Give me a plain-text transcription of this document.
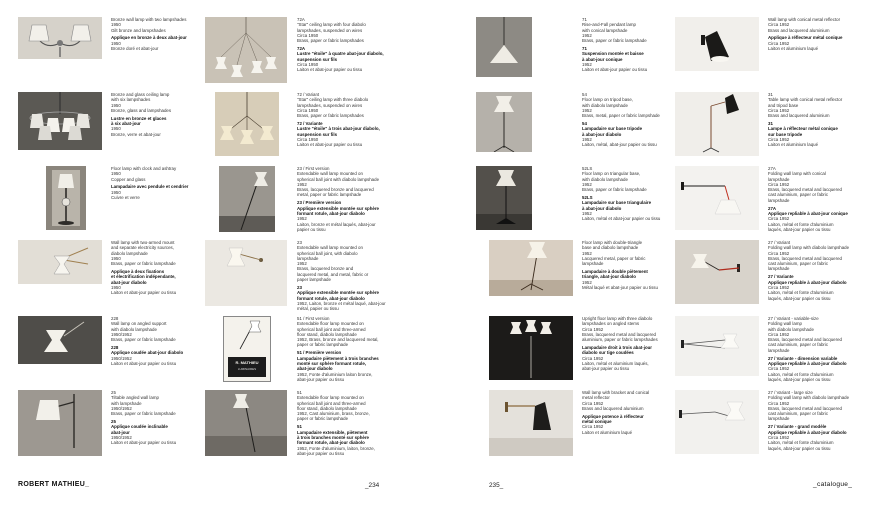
Bronze wall lamp with two lampshades
1950
Gilt bronze and lampshades

Applique en bronze à deux abat-jour
1950
Bronze doré et abat-jour

Bronze and glass ceiling lamp
with six lampshades
1950
Bronze, glass and lampshades

Lustre en bronze et glaces
à six abat-jour
1950
Bronze, verre et abat-jour

Floor lamp with clock and ashtray
1950
Copper and glass

Lampadaire avec pendule et cendrier
1950
Cuivre et verre

Wall lamp with two-armed mount
and separate electricity sources,
diabolo lampshade
1950
Brass, paper or fabric lampshade

Applique à deux fixations
et électrification indépendante,
abat-jour diabolo
1950
Laiton et abat-jour papier ou tissu

228
Wall lamp on angled support
with diabolo lampshade
1950/1952
Brass, paper or fabric lampshade

228
Applique coudée abat-jour diabolo
1950/1952
Laiton et abat-jour papier ou tissu

25
Tiltable angled wall lamp
with lampshade
1950/1952
Brass, paper or fabric lampshade

25
Applique coudée inclinable
abat-jour
1950/1952
Laiton et abat-jour papier ou tissu

72A
"Star" ceiling lamp with four diabolo
lampshades, suspended on wires
Circa 1950
Brass, paper or fabric lampshades

72A
Lustre "étoile" à quatre abat-jour diabolo,
suspension sur fils
Circa 1950
Laiton et abat-jour papier ou tissu

72 / Variant
"Star" ceiling lamp with three diabolo
lampshades, suspended on wires
Circa 1950
Brass, paper or fabric lampshades

72 / Variante
Lustre "étoile" à trois abat-jour diabolo,
suspension sur fils
Circa 1950
Laiton et abat-jour papier ou tissu

23 / First version
Extendable wall lamp mounted on
spherical ball joint with diabolo lampshade
1952
Brass, lacquered bronze and lacquered
metal, paper or fabric lampshade

23 / Première version
Applique extensible montée sur sphère
formant rotule, abat-jour diabolo
1952
Laiton, bronze et métal laqués, abat-jour
papier ou tissu

23
Extendable wall lamp mounted on
spherical ball joint, with diabolo
lampshade
1952
Brass, lacquered bronze and
lacquered metal, and metal, fabric or
paper lampshade

23
Applique extensible montée sur sphère
formant rotule, abat-jour diabolo
1952, Laiton, bronze et métal laqué, abat-jour
métal, papier ou tissu

R. MATHIEU
LUMINAIRES

51 / First version
Extendable floor lamp mounted on
spherical ball joint and three-armed
floor stand, diabolo lampshade
1952, Brass, bronze and lacquered metal,
paper or fabric lampshade

51 / Première version
Lampadaire piètement à trois branches
monté sur sphère formant rotule,
abat-jour diabolo
1952, Fonte d'aluminium laiton bronze,
abat-jour papier ou tissu

51
Extendable floor lamp mounted on
spherical ball joint and three-armed
floor stand, diabolo lampshade
1952, Cast aluminium, brass, bronze,
paper or fabric lampshade

51
Lampadaire extensible, piètement
à trois branches monté sur sphère
formant rotule, abat-jour diabolo
1952, Fonte d'aluminium, laiton, bronze,
abat-jour papier ou tissu

ROBERT MATHIEU_	_234

71
Rise-and-Fall pendant lamp
with conical lampshade
1952
Brass, paper or fabric lampshade

71
Suspension montée et baisse
à abat-jour conique
1952
Laiton et abat-jour papier ou tissu

54
Floor lamp on tripod base,
with diabolo lampshade
1952
Brass, metal, paper or fabric lampshade

54
Lampadaire sur base tripode
à abat-jour diabolo
1952
Laiton, métal, abat-jour papier ou tissu

52LS
Floor lamp on triangular base,
with diabolo lampshade
1952
Brass, paper or fabric lampshade

52LS
Lampadaire sur base triangulaire
à abat-jour diabolo
1952
Laiton, métal et abat-jour papier ou tissu

Floor lamp with double-triangle
base and diabolo lampshade
1952
Lacquered metal, paper or fabric lampshade

Lampadaire à double piètement
triangle, abat-jour diabolo
1952
Métal laqué et abat-jour papier ou tissu

Upright floor lamp with three diabolo
lampshades on angled stems
Circa 1952
Brass, lacquered metal and lacquered
aluminium, paper or fabric lampshades

Lampadaire droit à trois abat-jour
diabolo sur tige coudées
Circa 1952
Laiton, métal et aluminium laqués,
abat-jour papier ou tissu

Wall lamp with bracket and conical
metal reflector
Circa 1952
Brass and lacquered aluminium

Applique potence à réflecteur
métal conique
Circa 1952
Laiton et aluminium laqué

Wall lamp with conical metal reflector
Circa 1952
Brass and lacquered aluminium

Applique à réflecteur métal conique
Circa 1952
Laiton et aluminium laqué

31
Table lamp with conical metal reflector
and tripod base
Circa 1952
Brass and lacquered aluminium

31
Lampe à réflecteur métal conique
sur base tripode
Circa 1952
Laiton et aluminium laqué

27A
Folding wall lamp with conical
lampshade
Circa 1952
Brass, lacquered metal and lacquered
cast aluminium, paper or fabric
lampshade

27A
Applique repliable à abat-jour conique
Circa 1952
Laiton, métal et fonte d'aluminium
laqués, abat-jour papier ou tissu

27 / Variant
Folding wall lamp with diabolo lampshade
Circa 1952
Brass, lacquered metal and lacquered
cast aluminium, paper or fabric
lampshade

27 / Variante
Applique repliable à abat-jour diabolo
Circa 1952
Laiton, métal et fonte d'aluminium
laqués, abat-jour papier ou tissu

27 / Variant - variable-size
Folding wall lamp
with diabolo lampshade
Circa 1952
Brass, lacquered metal and lacquered
cast aluminium, paper or fabric
lampshade

27 / Variante - dimension variable
Applique repliable à abat-jour diabolo
Circa 1952
Laiton, métal et fonte d'aluminium
laqués, abat-jour papier ou tissu

27 / Variant - large size
Folding wall lamp with diabolo lampshade
Circa 1952
Brass, lacquered metal and lacquered
cast aluminium, paper or fabric
lampshade

27 / Variante - grand modèle
Applique repliable à abat-jour diabolo
Circa 1952
Laiton, métal et fonte d'aluminium
laqués, abat-jour papier ou tissu

235_	_catalogue_
